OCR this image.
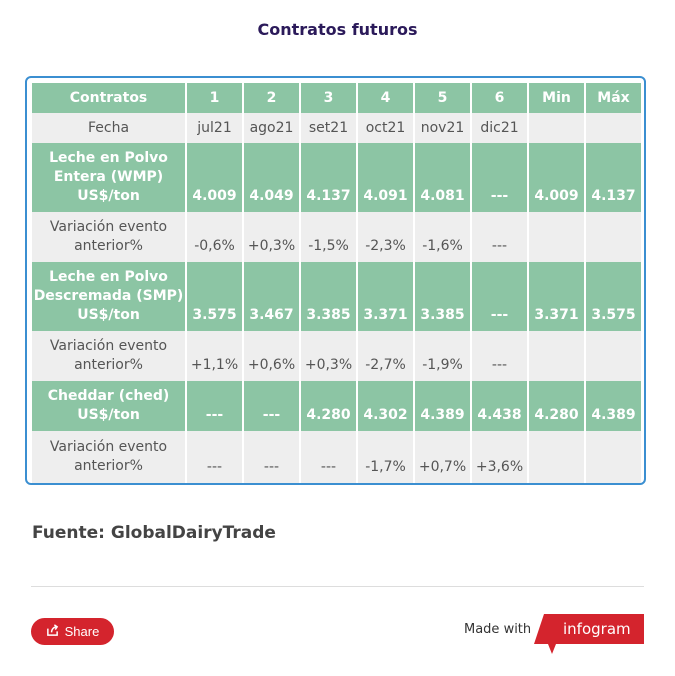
Contratos futuros
Contratos	1	2	3	4	5	6	Min	Máx
Fecha	jul21	ago21	set21	oct21	nov21	dic21		

Leche en Polvo
Entera (WMP)
US$/ton	4.009	4.049	4.137	4.091	4.081	---	4.009	4.137

Variación evento
anterior%	-0,6%	+0,3%	-1,5%	-2,3%	-1,6%	---		

Leche en Polvo
Descremada (SMP)
US$/ton	3.575	3.467	3.385	3.371	3.385	---	3.371	3.575

Variación evento
anterior%	+1,1%	+0,6%	+0,3%	-2,7%	-1,9%	---		

Cheddar (ched)
US$/ton	---	---	4.280	4.302	4.389	4.438	4.280	4.389

Variación evento
anterior%	---	---	---	-1,7%	+0,7%	+3,6%		
Fuente: GlobalDairyTrade
Share	Made with infogram
